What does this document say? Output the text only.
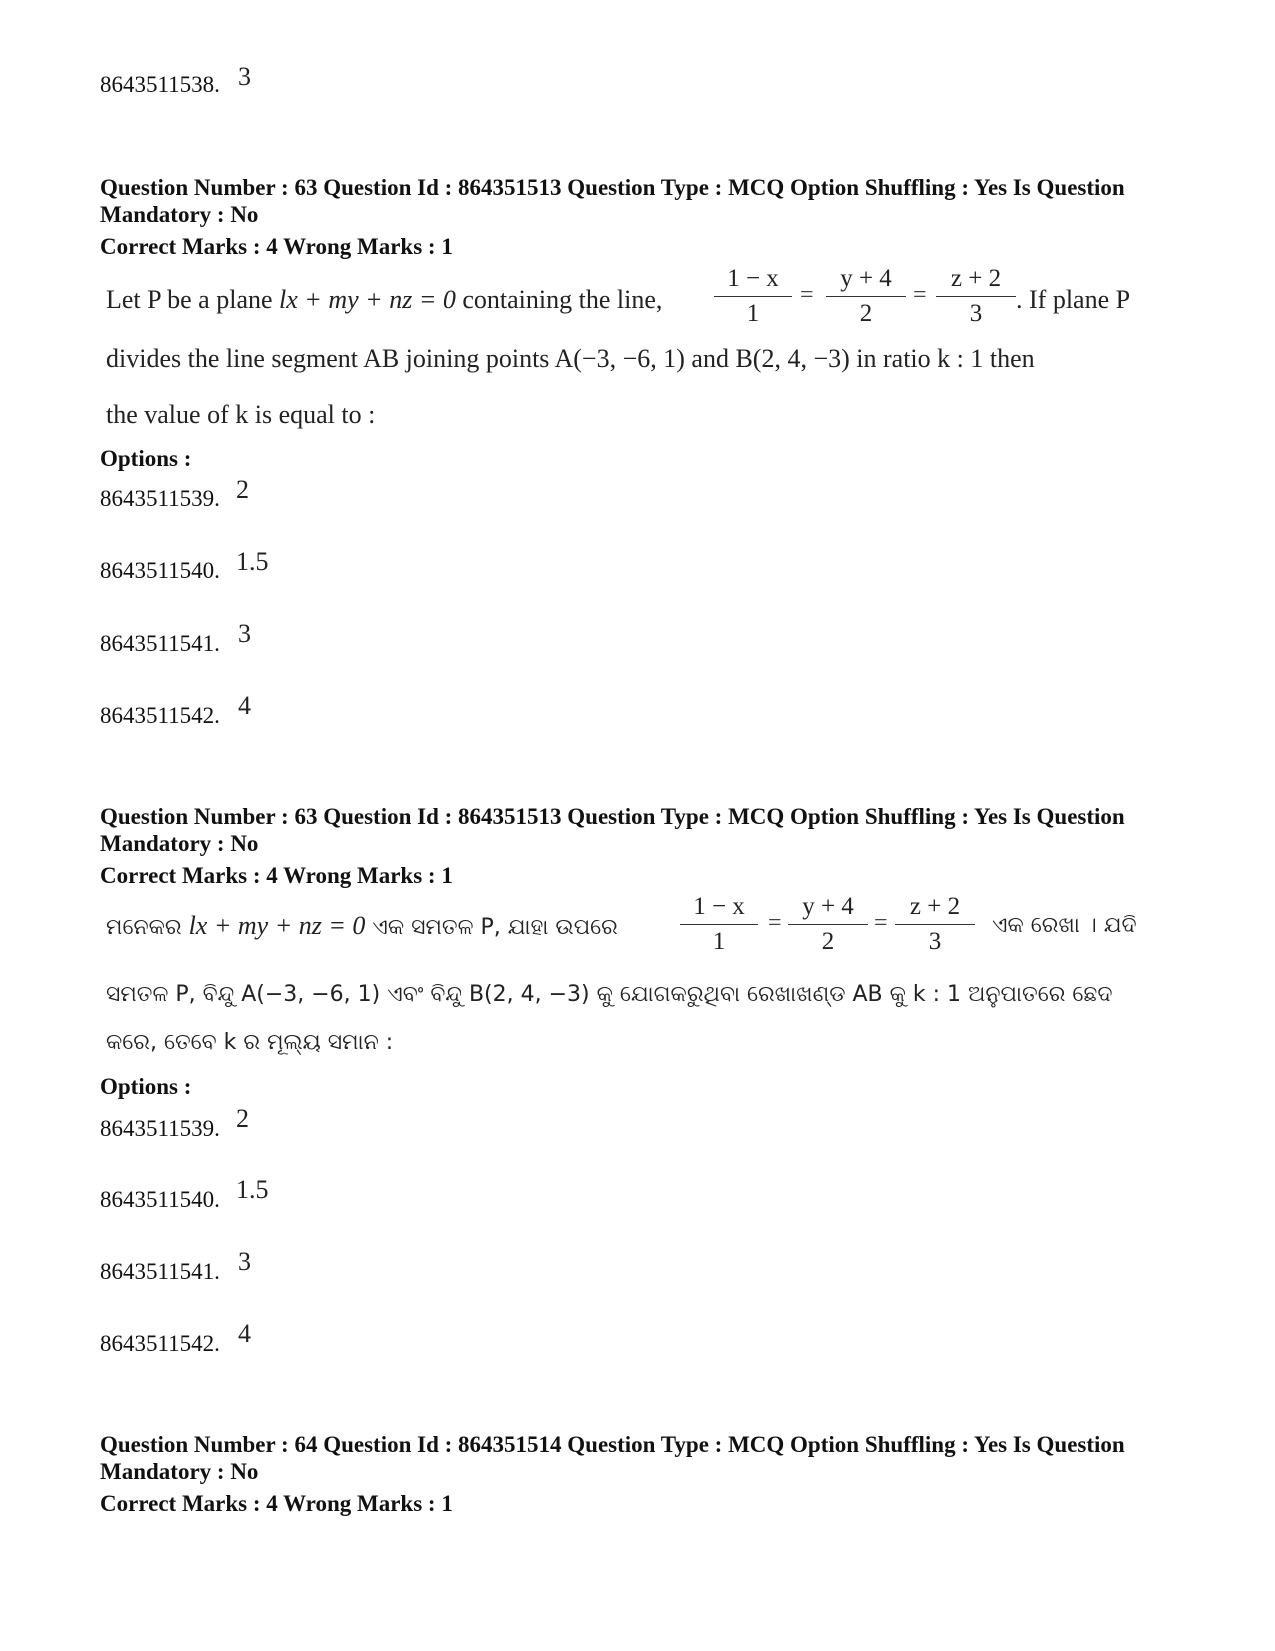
8643511538. 3
Question Number : 63 Question Id : 864351513 Question Type : MCQ Option Shuffling : Yes Is Question
Mandatory : No
Correct Marks : 4 Wrong Marks : 1
Let P be a plane lx + my + nz = 0 containing the line,
1 − x
1
=
y + 4
2
=
z + 2
3	. If plane P
divides the line segment AB joining points A(−3, −6, 1) and B(2, 4, −3) in ratio k : 1 then
the value of k is equal to :
Options :
8643511539. 2
8643511540. 1.5
8643511541. 3
8643511542. 4
Question Number : 63 Question Id : 864351513 Question Type : MCQ Option Shuffling : Yes Is Question
Mandatory : No
Correct Marks : 4 Wrong Marks : 1
ମନେକର lx + my + nz = 0 ଏକ ସମତଳ P, ଯାହା ଉପରେ
1 − x
1
=
y + 4
2
=
z + 2
3
ଏକ ରେଖା । ଯଦି
ସମତଳ P, ବିନ୍ଦୁ A(−3, −6, 1) ଏବଂ ବିନ୍ଦୁ B(2, 4, −3) କୁ ଯୋଗକରୁଥିବା ରେଖାଖଣ୍ଡ AB କୁ k : 1 ଅନୁପାତରେ ଛେଦ
କରେ, ତେବେ k ର ମୂଲ୍ୟ ସମାନ :
Options :
8643511539. 2
8643511540. 1.5
8643511541. 3
8643511542. 4
Question Number : 64 Question Id : 864351514 Question Type : MCQ Option Shuffling : Yes Is Question
Mandatory : No
Correct Marks : 4 Wrong Marks : 1
